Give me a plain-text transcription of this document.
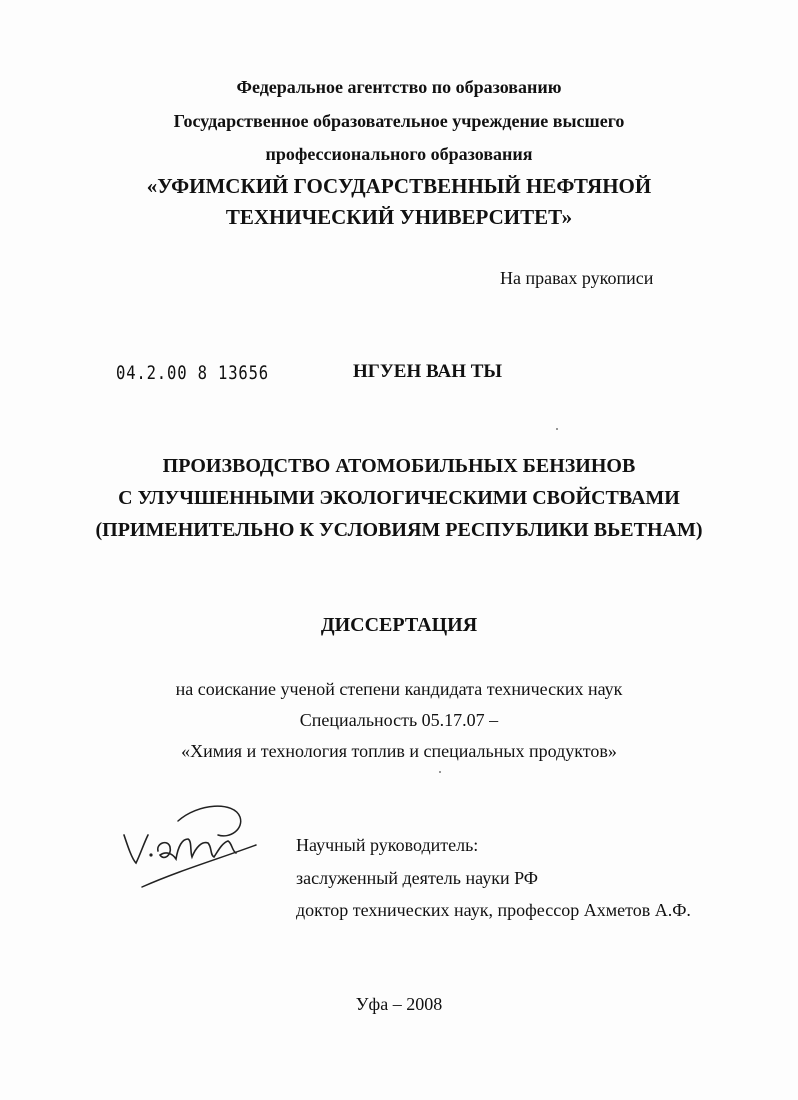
Федеральное агентство по образованию
Государственное образовательное учреждение высшего
профессионального образования
«УФИМСКИЙ ГОСУДАРСТВЕННЫЙ НЕФТЯНОЙ
ТЕХНИЧЕСКИЙ УНИВЕРСИТЕТ»
На правах рукописи
04.2.00 8 13656	НГУЕН ВАН ТЫ
ПРОИЗВОДСТВО АТОМОБИЛЬНЫХ БЕНЗИНОВ
С УЛУЧШЕННЫМИ ЭКОЛОГИЧЕСКИМИ СВОЙСТВАМИ
(ПРИМЕНИТЕЛЬНО К УСЛОВИЯМ РЕСПУБЛИКИ ВЬЕТНАМ)
ДИССЕРТАЦИЯ
на соискание ученой степени кандидата технических наук
Специальность 05.17.07 –
«Химия и технология топлив и специальных продуктов»
Научный руководитель:
заслуженный деятель науки РФ
доктор технических наук, профессор Ахметов А.Ф.
Уфа – 2008
